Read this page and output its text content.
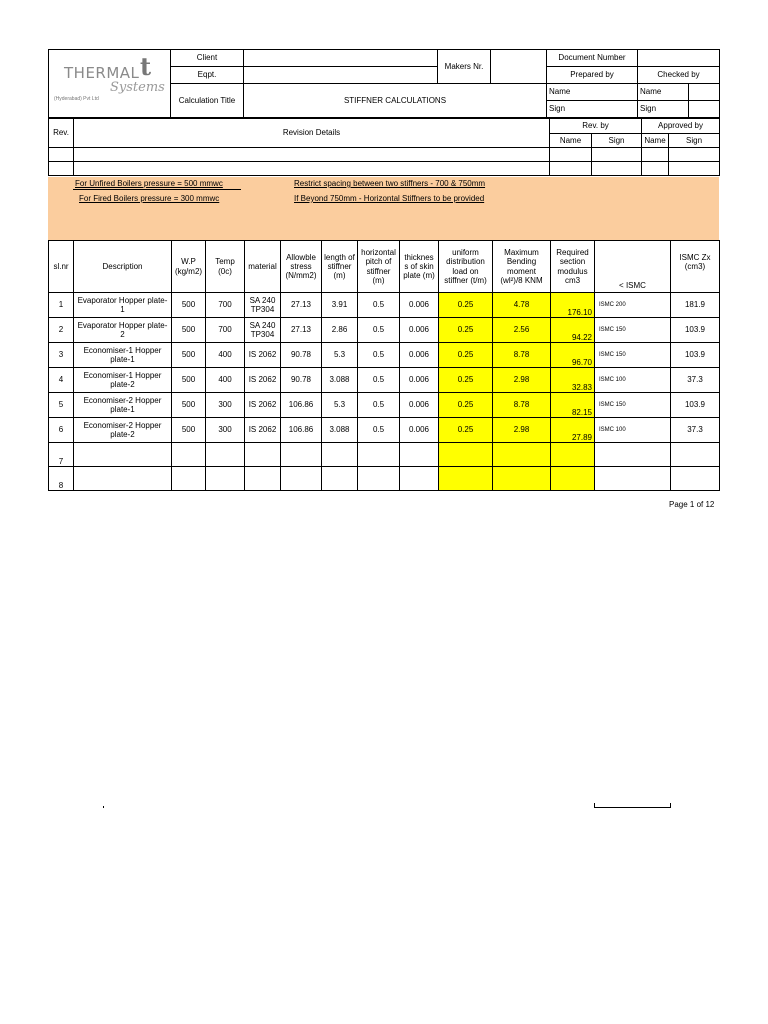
t
THERMAL
Systems
(Hyderabad) Pvt Ltd
	Client		Makers Nr.		Document Number		
	Eqpt.				Prepared by	Checked by	
	Calculation Title	STIFFNER CALCULATIONS			Name	Name	
					Sign	Sign	
Rev.	Revision Details	Rev. by		Approved by	
		Name	Sign	Name	Sign

For Unfired Boilers pressure = 500 mmwc
For Fired Boilers pressure = 300 mmwc
Restrict spacing between two stiffners - 700 & 750mm
If Beyond 750mm - Horizontal Stiffners to be provided
sl.nr	Description	W.P (kg/m2)	Temp (0c)	material	Allowble stress (N/mm2)	length of stiffner (m)	horizontal pitch of stiffner (m)	thicknes s of skin plate (m)	uniform distribution load on stiffner (t/m)	Maximum Bending moment (wl²)/8 KNM	Required section modulus cm3	< ISMC	ISMC Zx (cm3)
1	Evaporator Hopper plate-1	500	700	SA 240 TP304	27.13	3.91	0.5	0.006	0.25	4.78	176.10	ISMC 200	181.9
2	Evaporator Hopper plate-2	500	700	SA 240 TP304	27.13	2.86	0.5	0.006	0.25	2.56	94.22	ISMC 150	103.9
3	Economiser-1 Hopper plate-1	500	400	IS 2062	90.78	5.3	0.5	0.006	0.25	8.78	96.70	ISMC 150	103.9
4	Economiser-1 Hopper plate-2	500	400	IS 2062	90.78	3.088	0.5	0.006	0.25	2.98	32.83	ISMC 100	37.3
5	Economiser-2 Hopper plate-1	500	300	IS 2062	106.86	5.3	0.5	0.006	0.25	8.78	82.15	ISMC 150	103.9
6	Economiser-2 Hopper plate-2	500	300	IS 2062	106.86	3.088	0.5	0.006	0.25	2.98	27.89	ISMC 100	37.3
7													
8													
Page 1 of 12
